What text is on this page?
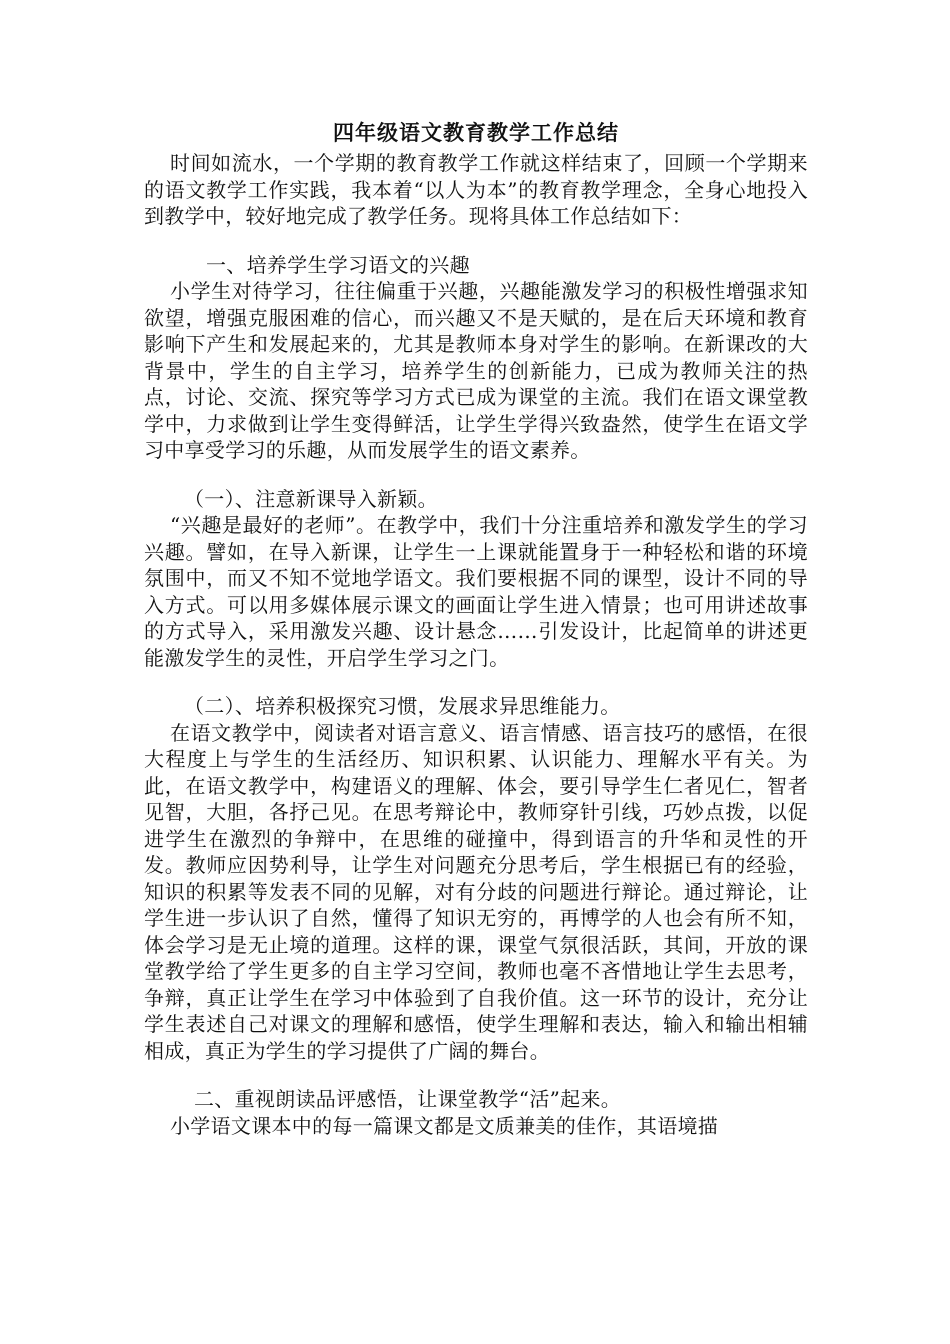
四年级语文教育教学工作总结

时间如流水，一个学期的教育教学工作就这样结束了，回顾一个学期来的语文教学工作实践，我本着“以人为本”的教育教学理念，全身心地投入到教学中，较好地完成了教学任务。现将具体工作总结如下：

一、培养学生学习语文的兴趣

小学生对待学习，往往偏重于兴趣，兴趣能激发学习的积极性增强求知欲望，增强克服困难的信心，而兴趣又不是天赋的，是在后天环境和教育影响下产生和发展起来的，尤其是教师本身对学生的影响。在新课改的大背景中，学生的自主学习，培养学生的创新能力，已成为教师关注的热点，讨论、交流、探究等学习方式已成为课堂的主流。我们在语文课堂教学中，力求做到让学生变得鲜活，让学生学得兴致盎然，使学生在语文学习中享受学习的乐趣，从而发展学生的语文素养。

（一）、注意新课导入新颖。

“兴趣是最好的老师”。在教学中，我们十分注重培养和激发学生的学习兴趣。譬如，在导入新课，让学生一上课就能置身于一种轻松和谐的环境氛围中，而又不知不觉地学语文。我们要根据不同的课型，设计不同的导入方式。可以用多媒体展示课文的画面让学生进入情景；也可用讲述故事的方式导入，采用激发兴趣、设计悬念……引发设计，比起简单的讲述更能激发学生的灵性，开启学生学习之门。

（二）、培养积极探究习惯，发展求异思维能力。

在语文教学中，阅读者对语言意义、语言情感、语言技巧的感悟，在很大程度上与学生的生活经历、知识积累、认识能力、理解水平有关。为此，在语文教学中，构建语义的理解、体会，要引导学生仁者见仁，智者见智，大胆，各抒己见。在思考辩论中，教师穿针引线，巧妙点拨，以促进学生在激烈的争辩中，在思维的碰撞中，得到语言的升华和灵性的开发。教师应因势利导，让学生对问题充分思考后，学生根据已有的经验，知识的积累等发表不同的见解，对有分歧的问题进行辩论。通过辩论，让学生进一步认识了自然，懂得了知识无穷的，再博学的人也会有所不知，体会学习是无止境的道理。这样的课，课堂气氛很活跃，其间，开放的课堂教学给了学生更多的自主学习空间，教师也毫不吝惜地让学生去思考，争辩，真正让学生在学习中体验到了自我价值。这一环节的设计，充分让学生表述自己对课文的理解和感悟，使学生理解和表达，输入和输出相辅相成，真正为学生的学习提供了广阔的舞台。

二、重视朗读品评感悟，让课堂教学“活”起来。

小学语文课本中的每一篇课文都是文质兼美的佳作，其语境描
